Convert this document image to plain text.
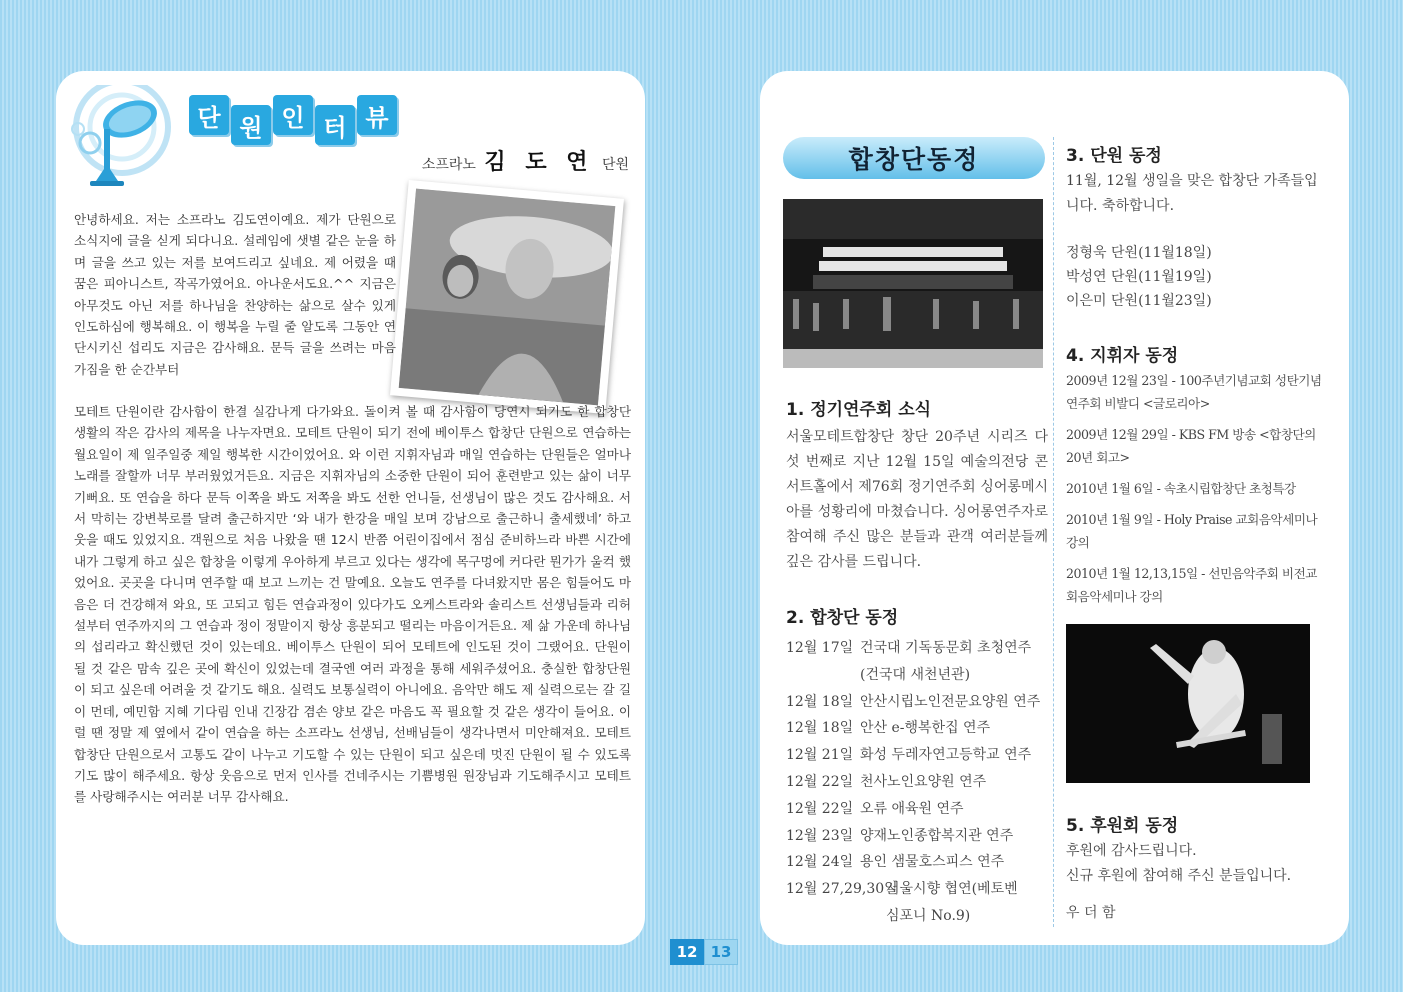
단 원 인 터 뷰
소프라노 김 도 연 단원

안녕하세요. 저는 소프라노 김도연이예요. 제가 단원으로 소식지에 글을 싣게 되다니요. 설레임에 샛별 같은 눈을 하며 글을 쓰고 있는 저를 보여드리고 싶네요. 제 어렸을 때 꿈은 피아니스트, 작곡가였어요. 아나운서도요.^^ 지금은 아무것도 아닌 저를 하나님을 찬양하는 삶으로 살수 있게 인도하심에 행복해요. 이 행복을 누릴 줄 알도록 그동안 연단시키신 섭리도 지금은 감사해요. 문득 글을 쓰려는 마음가짐을 한 순간부터

모테트 단원이란 감사함이 한결 실감나게 다가와요. 돌이켜 볼 때 감사함이 당연시 되기도 한 합창단 생활의 작은 감사의 제목을 나누자면요. 모테트 단원이 되기 전에 베이투스 합창단 단원으로 연습하는 월요일이 제 일주일중 제일 행복한 시간이었어요. 와 이런 지휘자님과 매일 연습하는 단원들은 얼마나 노래를 잘할까 너무 부러웠었거든요. 지금은 지휘자님의 소중한 단원이 되어 훈련받고 있는 삶이 너무 기뻐요. 또 연습을 하다 문득 이쪽을 봐도 저쪽을 봐도 선한 언니들, 선생님이 많은 것도 감사해요. 서서 막히는 강변북로를 달려 출근하지만 ‘와 내가 한강을 매일 보며 강남으로 출근하니 출세했네’ 하고 웃을 때도 있었지요. 객원으로 처음 나왔을 땐 12시 반쯤 어린이집에서 점심 준비하느라 바쁜 시간에 내가 그렇게 하고 싶은 합창을 이렇게 우아하게 부르고 있다는 생각에 목구멍에 커다란 뭔가가 울컥 했었어요. 곳곳을 다니며 연주할 때 보고 느끼는 건 말예요. 오늘도 연주를 다녀왔지만 몸은 힘들어도 마음은 더 건강해져 와요, 또 고되고 힘든 연습과정이 있다가도 오케스트라와 솔리스트 선생님들과 리허설부터 연주까지의 그 연습과 정이 정말이지 항상 흥분되고 떨리는 마음이거든요. 제 삶 가운데 하나님의 섭리라고 확신했던 것이 있는데요. 베이투스 단원이 되어 모테트에 인도된 것이 그랬어요. 단원이 될 것 같은 맘속 깊은 곳에 확신이 있었는데 결국엔 여러 과정을 통해 세워주셨어요. 충실한 합창단원이 되고 싶은데 어려울 것 같기도 해요. 실력도 보통실력이 아니에요. 음악만 해도 제 실력으로는 갈 길이 먼데, 예민함 지혜 기다림 인내 긴장감 겸손 양보 같은 마음도 꼭 필요할 것 같은 생각이 들어요. 이럴 땐 정말 제 옆에서 같이 연습을 하는 소프라노 선생님, 선배님들이 생각나면서 미안해져요. 모테트합창단 단원으로서 고통도 같이 나누고 기도할 수 있는 단원이 되고 싶은데 멋진 단원이 될 수 있도록 기도 많이 해주세요. 항상 웃음으로 먼저 인사를 건네주시는 기쁨병원 원장님과 기도해주시고 모테트를 사랑해주시는 여러분 너무 감사해요.

합창단동정
1. 정기연주회 소식

서울모테트합창단 창단 20주년 시리즈 다섯 번째로 지난 12월 15일 예술의전당 콘서트홀에서 제76회 정기연주회 싱어롱메시아를 성황리에 마쳤습니다. 싱어롱연주자로 참여해 주신 많은 분들과 관객 여러분들께 깊은 감사를 드립니다.

2. 합창단 동정
12월 17일 건국대 기독동문회 초청연주
(건국대 새천년관)
12월 18일 안산시립노인전문요양원 연주
12월 18일 안산 e-행복한집 연주
12월 21일 화성 두레자연고등학교 연주
12월 22일 천사노인요양원 연주
12월 22일 오류 애육원 연주
12월 23일 양재노인종합복지관 연주
12월 24일 용인 샘물호스피스 연주
12월 27,29,30일
서울시향 협연(베토벤
심포니 No.9)
3. 단원 동정

11월, 12월 생일을 맞은 합창단 가족들입니다. 축하합니다.

정형욱 단원(11월18일)
박성연 단원(11월19일)
이은미 단원(11월23일)
4. 지휘자 동정

2009년 12월 23일 - 100주년기념교회 성탄기념연주회 비발디 <글로리아>

2009년 12월 29일 - KBS FM 방송 <합창단의 20년 회고>

2010년 1월 6일 - 속초시립합창단 초청특강

2010년 1월 9일 - Holy Praise 교회음악세미나 강의

2010년 1월 12,13,15일 - 선민음악주회 비전교회음악세미나 강의

5. 후원회 동정

후원에 감사드립니다.
신규 후원에 참여해 주신 분들입니다.

우 더 함

12 13
